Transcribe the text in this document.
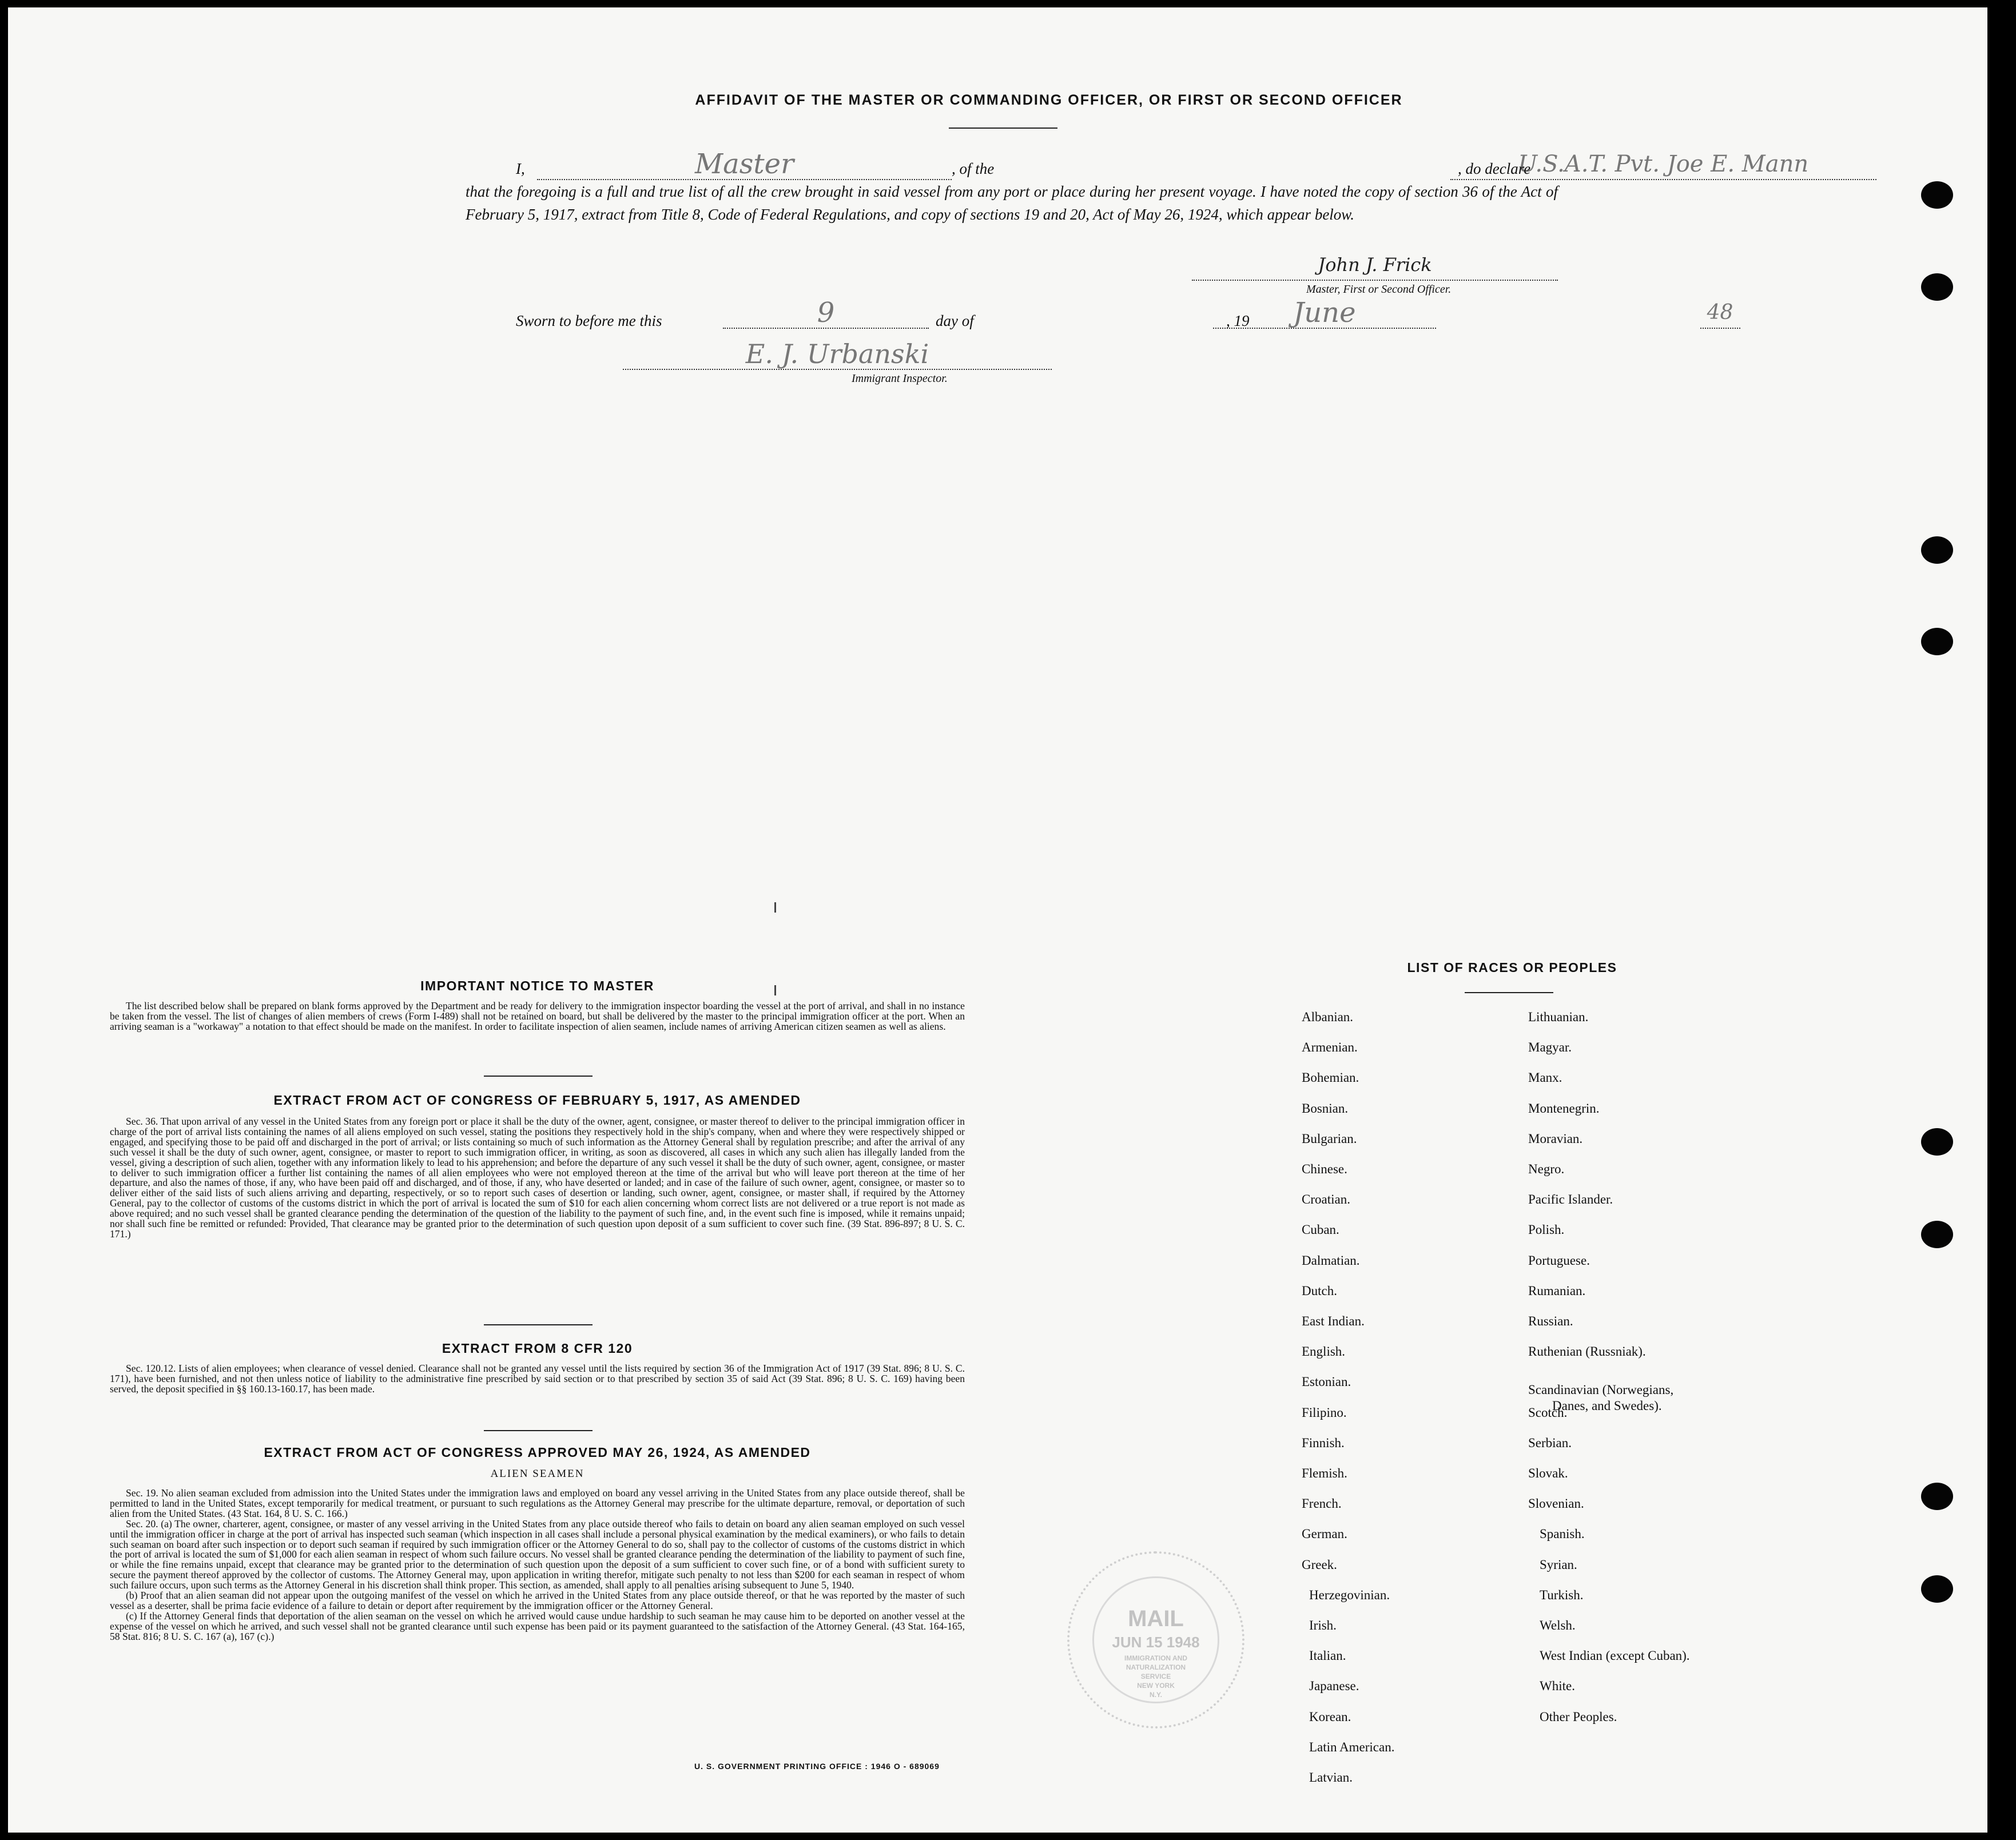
AFFIDAVIT OF THE MASTER OR COMMANDING OFFICER, OR FIRST OR SECOND OFFICER
I,	Master
	, of the	U.S.A.T. Pvt. Joe E. Mann
, do declare
that the foregoing is a full and true list of all the crew brought in said vessel from any port or place during her present voyage. I have noted the copy of section 36 of the Act of February 5, 1917, extract from Title 8, Code of Federal Regulations, and copy of sections 19 and 20, Act of May 26, 1924, which appear below.
John J. Frick
Master, First or Second Officer.
Sworn to before me this	9
	day of	June

, 19	48
E. J. Urbanski
Immigrant Inspector.
IMPORTANT NOTICE TO MASTER

The list described below shall be prepared on blank forms approved by the Department and be ready for delivery to the immigration inspector boarding the vessel at the port of arrival, and shall in no instance be taken from the vessel. The list of changes of alien members of crews (Form I-489) shall not be retained on board, but shall be delivered by the master to the principal immigration officer at the port. When an arriving seaman is a "workaway" a notation to that effect should be made on the manifest. In order to facilitate inspection of alien seamen, include names of arriving American citizen seamen as well as aliens.

EXTRACT FROM ACT OF CONGRESS OF FEBRUARY 5, 1917, AS AMENDED

Sec. 36. That upon arrival of any vessel in the United States from any foreign port or place it shall be the duty of the owner, agent, consignee, or master thereof to deliver to the principal immigration officer in charge of the port of arrival lists containing the names of all aliens employed on such vessel, stating the positions they respectively hold in the ship's company, when and where they were respectively shipped or engaged, and specifying those to be paid off and discharged in the port of arrival; or lists containing so much of such information as the Attorney General shall by regulation prescribe; and after the arrival of any such vessel it shall be the duty of such owner, agent, consignee, or master to report to such immigration officer, in writing, as soon as discovered, all cases in which any such alien has illegally landed from the vessel, giving a description of such alien, together with any information likely to lead to his apprehension; and before the departure of any such vessel it shall be the duty of such owner, agent, consignee, or master to deliver to such immigration officer a further list containing the names of all alien employees who were not employed thereon at the time of the arrival but who will leave port thereon at the time of her departure, and also the names of those, if any, who have been paid off and discharged, and of those, if any, who have deserted or landed; and in case of the failure of such owner, agent, consignee, or master so to deliver either of the said lists of such aliens arriving and departing, respectively, or so to report such cases of desertion or landing, such owner, agent, consignee, or master shall, if required by the Attorney General, pay to the collector of customs of the customs district in which the port of arrival is located the sum of $10 for each alien concerning whom correct lists are not delivered or a true report is not made as above required; and no such vessel shall be granted clearance pending the determination of the question of the liability to the payment of such fine, and, in the event such fine is imposed, while it remains unpaid; nor shall such fine be remitted or refunded: Provided, That clearance may be granted prior to the determination of such question upon deposit of a sum sufficient to cover such fine. (39 Stat. 896-897; 8 U. S. C. 171.)

EXTRACT FROM 8 CFR 120

Sec. 120.12. Lists of alien employees; when clearance of vessel denied. Clearance shall not be granted any vessel until the lists required by section 36 of the Immigration Act of 1917 (39 Stat. 896; 8 U. S. C. 171), have been furnished, and not then unless notice of liability to the administrative fine prescribed by said section or to that prescribed by section 35 of said Act (39 Stat. 896; 8 U. S. C. 169) having been served, the deposit specified in §§ 160.13-160.17, has been made.

EXTRACT FROM ACT OF CONGRESS APPROVED MAY 26, 1924, AS AMENDED
ALIEN SEAMEN

Sec. 19. No alien seaman excluded from admission into the United States under the immigration laws and employed on board any vessel arriving in the United States from any place outside thereof, shall be permitted to land in the United States, except temporarily for medical treatment, or pursuant to such regulations as the Attorney General may prescribe for the ultimate departure, removal, or deportation of such alien from the United States. (43 Stat. 164, 8 U. S. C. 166.)

Sec. 20. (a) The owner, charterer, agent, consignee, or master of any vessel arriving in the United States from any place outside thereof who fails to detain on board any alien seaman employed on such vessel until the immigration officer in charge at the port of arrival has inspected such seaman (which inspection in all cases shall include a personal physical examination by the medical examiners), or who fails to detain such seaman on board after such inspection or to deport such seaman if required by such immigration officer or the Attorney General to do so, shall pay to the collector of customs of the customs district in which the port of arrival is located the sum of $1,000 for each alien seaman in respect of whom such failure occurs. No vessel shall be granted clearance pending the determination of the liability to payment of such fine, or while the fine remains unpaid, except that clearance may be granted prior to the determination of such question upon the deposit of a sum sufficient to cover such fine, or of a bond with sufficient surety to secure the payment thereof approved by the collector of customs. The Attorney General may, upon application in writing therefor, mitigate such penalty to not less than $200 for each seaman in respect of whom such failure occurs, upon such terms as the Attorney General in his discretion shall think proper. This section, as amended, shall apply to all penalties arising subsequent to June 5, 1940.

(b) Proof that an alien seaman did not appear upon the outgoing manifest of the vessel on which he arrived in the United States from any place outside thereof, or that he was reported by the master of such vessel as a deserter, shall be prima facie evidence of a failure to detain or deport after requirement by the immigration officer or the Attorney General.

(c) If the Attorney General finds that deportation of the alien seaman on the vessel on which he arrived would cause undue hardship to such seaman he may cause him to be deported on another vessel at the expense of the vessel on which he arrived, and such vessel shall not be granted clearance until such expense has been paid or its payment guaranteed to the satisfaction of the Attorney General. (43 Stat. 164-165, 58 Stat. 816; 8 U. S. C. 167 (a), 167 (c).)

U. S. GOVERNMENT PRINTING OFFICE : 1946 O - 689069
LIST OF RACES OR PEOPLES
Albanian.
Armenian.
Bohemian.
Bosnian.
Bulgarian.
Chinese.
Croatian.
Cuban.
Dalmatian.
Dutch.
East Indian.
English.
Estonian.
Filipino.
Finnish.
Flemish.
French.
German.
Greek.
Herzegovinian.
Irish.
Italian.
Japanese.
Korean.
Latin American.
Latvian.
Lithuanian.
Magyar.
Manx.
Montenegrin.
Moravian.
Negro.
Pacific Islander.
Polish.
Portuguese.
Rumanian.
Russian.
Ruthenian (Russniak).
Scandinavian (Norwegians,
Danes, and Swedes).
Scotch.
Serbian.
Slovak.
Slovenian.
Spanish.
Syrian.
Turkish.
Welsh.
West Indian (except Cuban).
White.
Other Peoples.
MAIL
JUN 15 1948
IMMIGRATION AND
NATURALIZATION
SERVICE
NEW YORK
N.Y.
